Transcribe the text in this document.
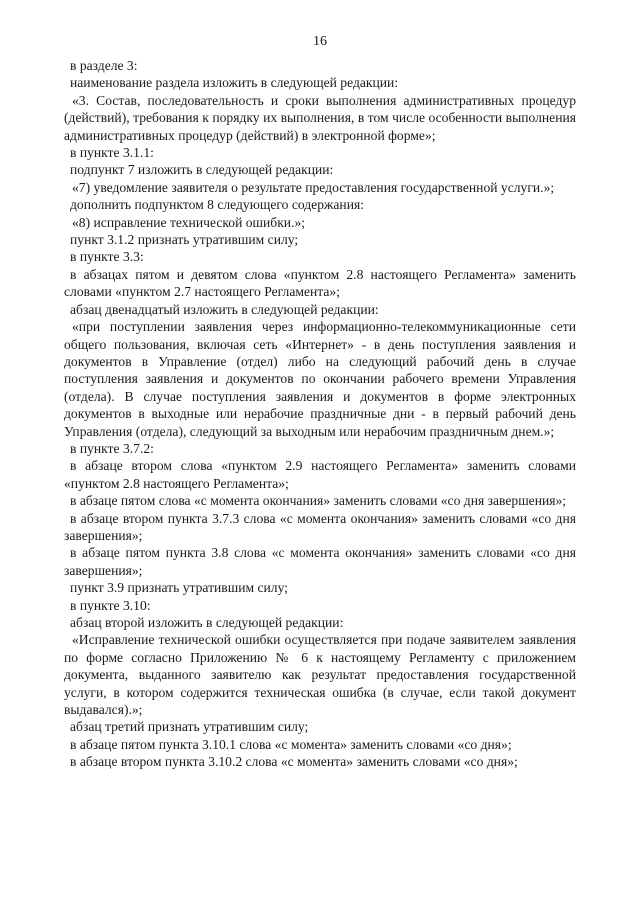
16

в разделе 3:

наименование раздела изложить в следующей редакции:

«3. Состав, последовательность и сроки выполнения административных процедур (действий), требования к порядку их выполнения, в том числе особенности выполнения административных процедур (действий) в электронной форме»;

в пункте 3.1.1:

подпункт 7 изложить в следующей редакции:

«7) уведомление заявителя о результате предоставления государственной услуги.»;

дополнить подпунктом 8 следующего содержания:

«8) исправление технической ошибки.»;

пункт 3.1.2 признать утратившим силу;

в пункте 3.3:

в абзацах пятом и девятом слова «пунктом 2.8 настоящего Регламента» заменить словами «пунктом 2.7 настоящего Регламента»;

абзац двенадцатый изложить в следующей редакции:

«при поступлении заявления через информационно-телекоммуникационные сети общего пользования, включая сеть «Интернет» - в день поступления заявления и документов в Управление (отдел) либо на следующий рабочий день в случае поступления заявления и документов по окончании рабочего времени Управления (отдела). В случае поступления заявления и документов в форме электронных документов в выходные или нерабочие праздничные дни - в первый рабочий день Управления (отдела), следующий за выходным или нерабочим праздничным днем.»;

в пункте 3.7.2:

в абзаце втором слова «пунктом 2.9 настоящего Регламента» заменить словами «пунктом 2.8 настоящего Регламента»;

в абзаце пятом слова «с момента окончания» заменить словами «со дня завершения»;

в абзаце втором пункта 3.7.3 слова «с момента окончания» заменить словами «со дня завершения»;

в абзаце пятом пункта 3.8 слова «с момента окончания» заменить словами «со дня завершения»;

пункт 3.9 признать утратившим силу;

в пункте 3.10:

абзац второй изложить в следующей редакции:

«Исправление технической ошибки осуществляется при подаче заявителем заявления по форме согласно Приложению № 6 к настоящему Регламенту с приложением документа, выданного заявителю как результат предоставления государственной услуги, в котором содержится техническая ошибка (в случае, если такой документ выдавался).»;

абзац третий признать утратившим силу;

в абзаце пятом пункта 3.10.1 слова «с момента» заменить словами «со дня»;

в абзаце втором пункта 3.10.2 слова «с момента» заменить словами «со дня»;
